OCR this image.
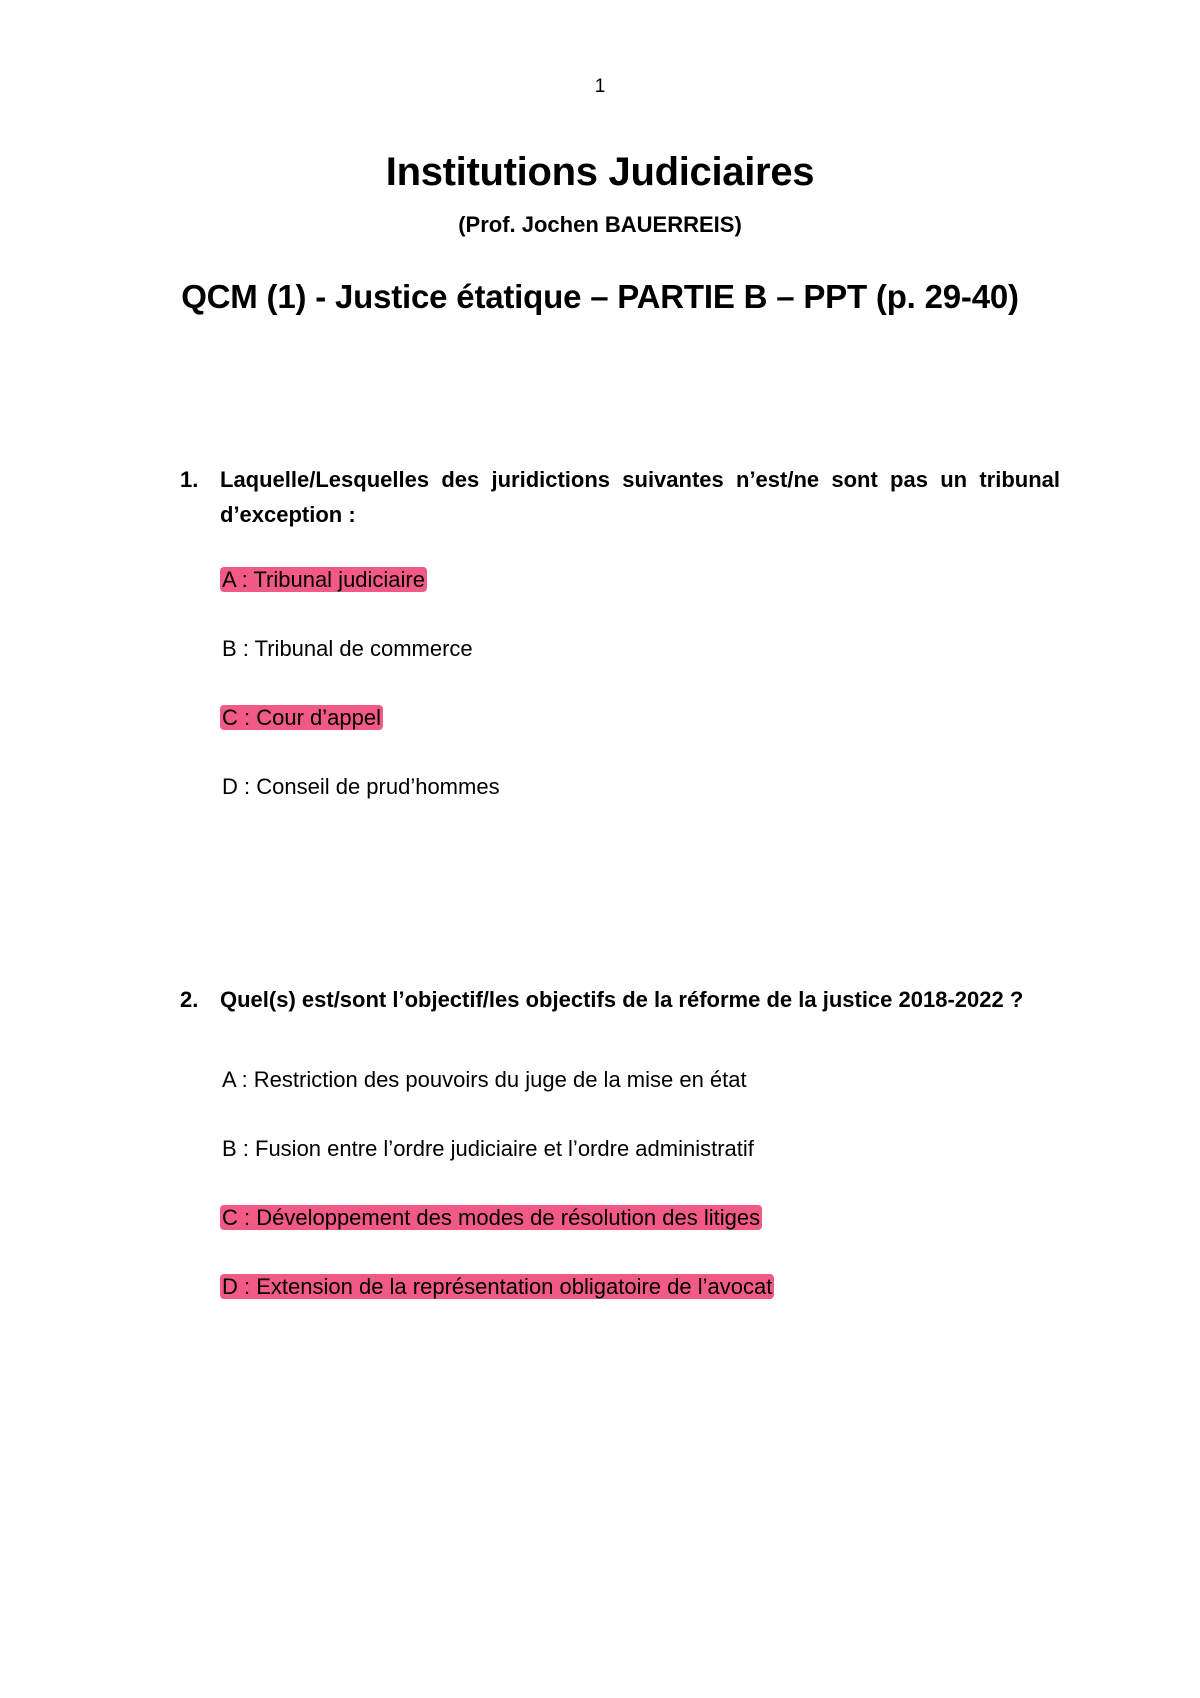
1
Institutions Judiciaires
(Prof. Jochen BAUERREIS)
QCM (1) - Justice étatique – PARTIE B – PPT (p. 29-40)
1. Laquelle/Lesquelles des juridictions suivantes n’est/ne sont pas un tribunal d’exception :
A : Tribunal judiciaire
B : Tribunal de commerce
C : Cour d’appel
D : Conseil de prud’hommes
2. Quel(s) est/sont l’objectif/les objectifs de la réforme de la justice 2018-2022 ?
A : Restriction des pouvoirs du juge de la mise en état
B : Fusion entre l’ordre judiciaire et l’ordre administratif
C : Développement des modes de résolution des litiges
D : Extension de la représentation obligatoire de l’avocat
